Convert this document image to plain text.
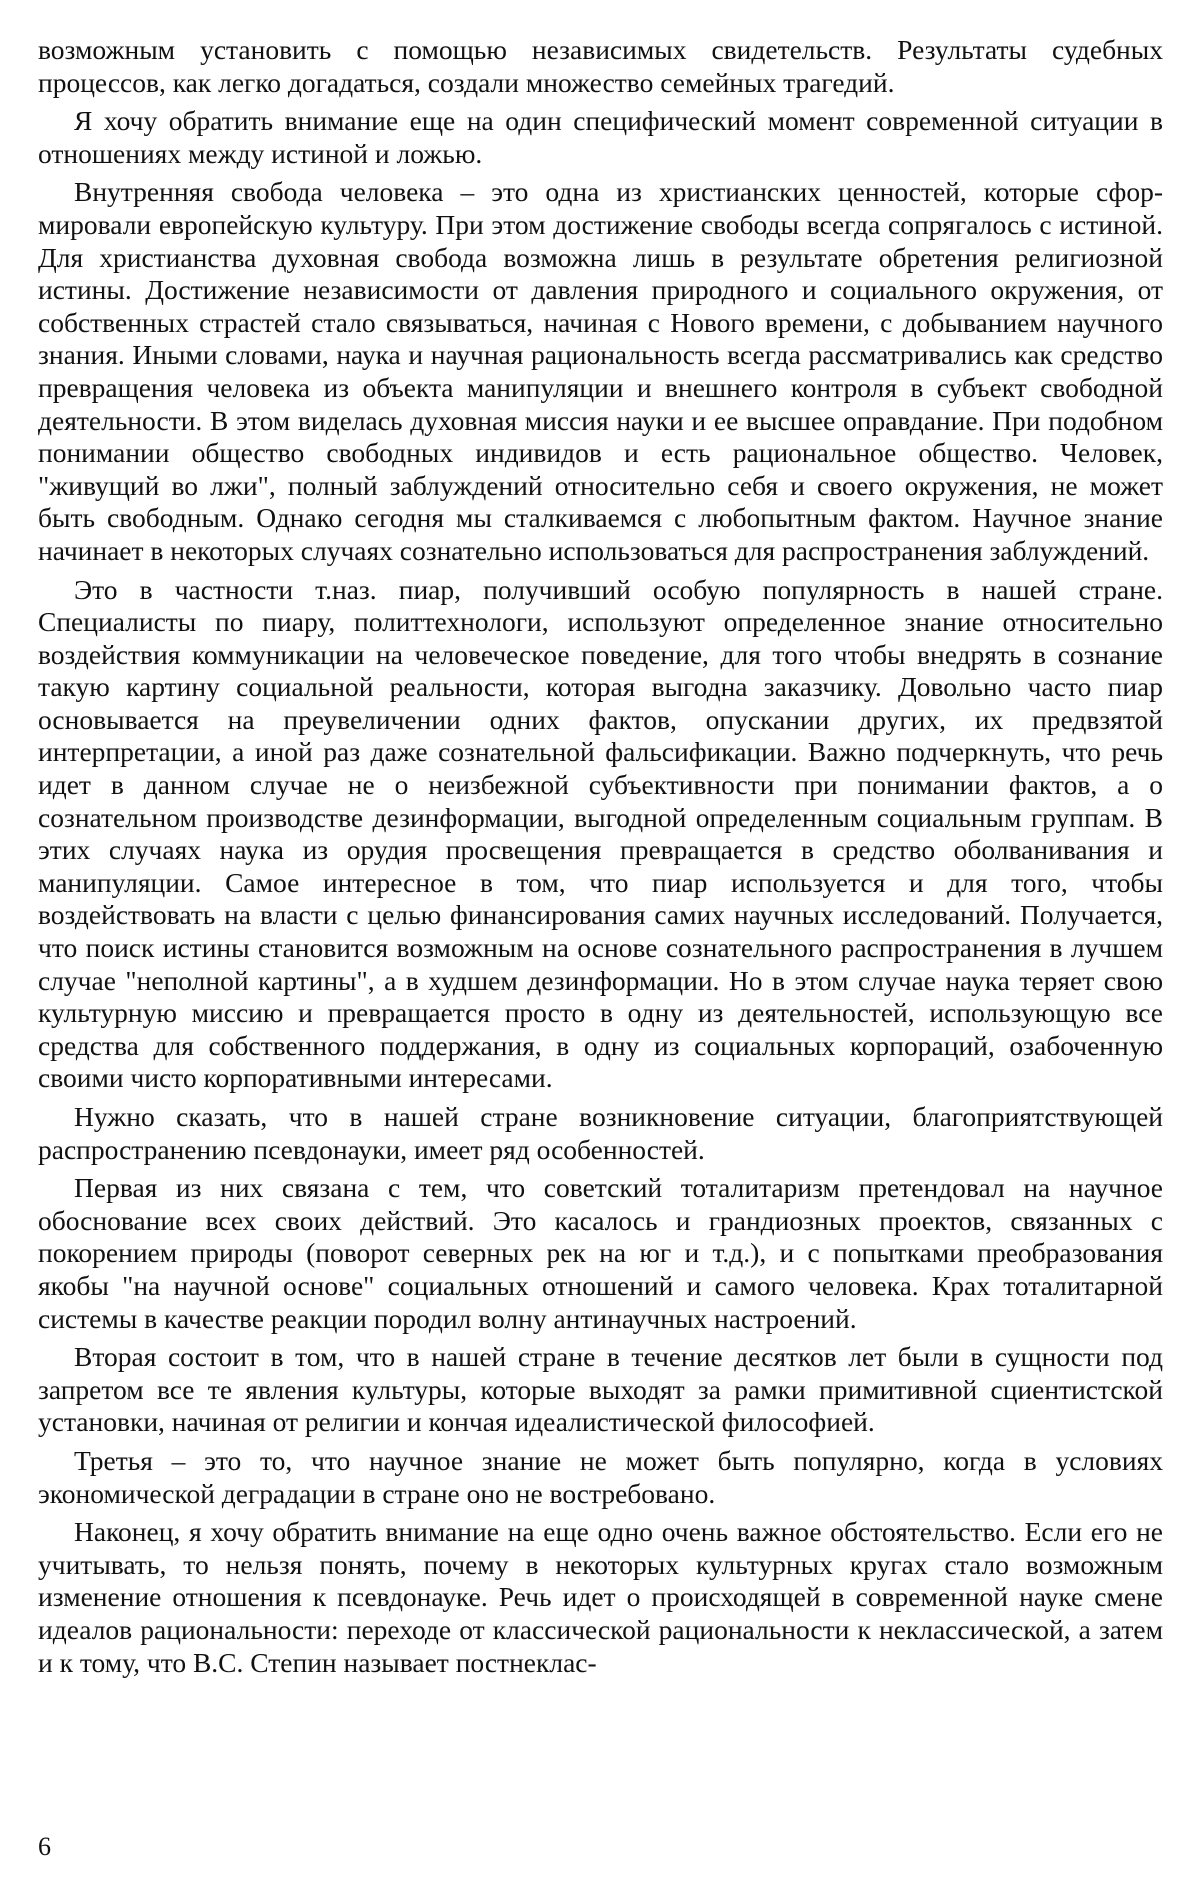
возможным установить с помощью независимых свидетельств. Результаты судебных процессов, как легко догадаться, создали множество семейных трагедий.

Я хочу обратить внимание еще на один специфический момент современной ситуации в отношениях между истиной и ложью.

Внутренняя свобода человека – это одна из христианских ценностей, которые сформировали европейскую культуру. При этом достижение свободы всегда сопрягалось с истиной. Для христианства духовная свобода возможна лишь в результате обретения религиозной истины. Достижение независимости от давления природного и социального окружения, от собственных страстей стало связываться, начиная с Нового времени, с добыванием научного знания. Иными словами, наука и научная рациональность всегда рассматривались как средство превращения человека из объекта манипуляции и внешнего контроля в субъект свободной деятельности. В этом виделась духовная миссия науки и ее высшее оправдание. При подобном понимании общество свободных индивидов и есть рациональное общество. Человек, "живущий во лжи", полный заблуждений относительно себя и своего окружения, не может быть свободным. Однако сегодня мы сталкиваемся с любопытным фактом. Научное знание начинает в некоторых случаях сознательно использоваться для распространения заблуждений.

Это в частности т.наз. пиар, получивший особую популярность в нашей стране. Специалисты по пиару, политтехнологи, используют определенное знание относительно воздействия коммуникации на человеческое поведение, для того чтобы внедрять в сознание такую картину социальной реальности, которая выгодна заказчику. Довольно часто пиар основывается на преувеличении одних фактов, опускании других, их предвзятой интерпретации, а иной раз даже сознательной фальсификации. Важно подчеркнуть, что речь идет в данном случае не о неизбежной субъективности при понимании фактов, а о сознательном производстве дезинформации, выгодной определенным социальным группам. В этих случаях наука из орудия просвещения превращается в средство оболванивания и манипуляции. Самое интересное в том, что пиар используется и для того, чтобы воздействовать на власти с целью финансирования самих научных исследований. Получается, что поиск истины становится возможным на основе сознательного распространения в лучшем случае "неполной картины", а в худшем дезинформации. Но в этом случае наука теряет свою культурную миссию и превращается просто в одну из деятельностей, использующую все средства для собственного поддержания, в одну из социальных корпораций, озабоченную своими чисто корпоративными интересами.

Нужно сказать, что в нашей стране возникновение ситуации, благоприятствующей распространению псевдонауки, имеет ряд особенностей.

Первая из них связана с тем, что советский тоталитаризм претендовал на научное обоснование всех своих действий. Это касалось и грандиозных проектов, связанных с покорением природы (поворот северных рек на юг и т.д.), и с попытками преобразования якобы "на научной основе" социальных отношений и самого человека. Крах тоталитарной системы в качестве реакции породил волну антинаучных настроений.

Вторая состоит в том, что в нашей стране в течение десятков лет были в сущности под запретом все те явления культуры, которые выходят за рамки примитивной сциентистской установки, начиная от религии и кончая идеалистической философией.

Третья – это то, что научное знание не может быть популярно, когда в условиях экономической деградации в стране оно не востребовано.

Наконец, я хочу обратить внимание на еще одно очень важное обстоятельство. Если его не учитывать, то нельзя понять, почему в некоторых культурных кругах стало возможным изменение отношения к псевдонауке. Речь идет о происходящей в современной науке смене идеалов рациональности: переходе от классической рациональности к неклассической, а затем и к тому, что В.С. Степин называет постнеклас-

6
